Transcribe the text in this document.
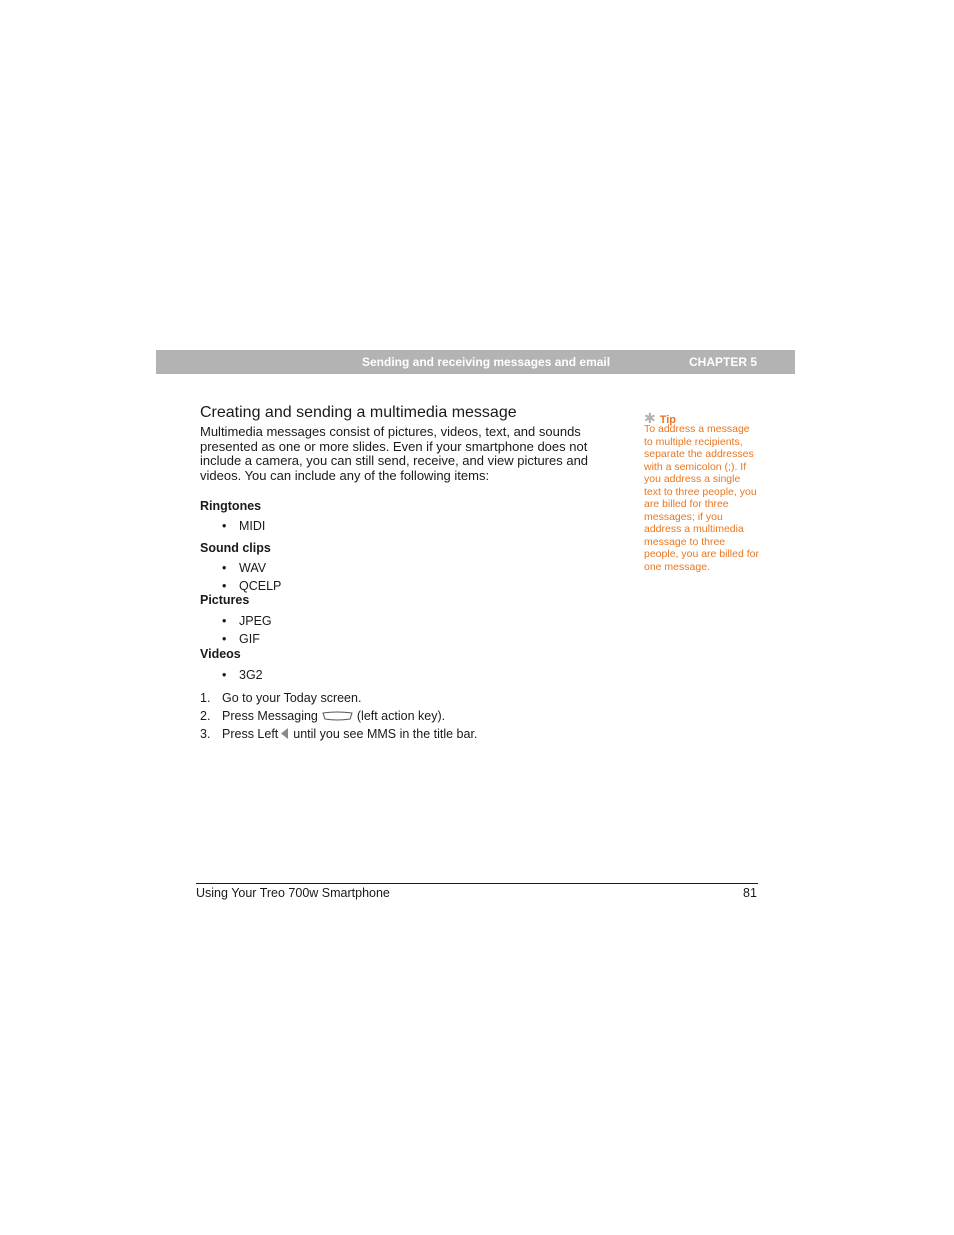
Sending and receiving messages and email	CHAPTER 5
Creating and sending a multimedia message

Multimedia messages consist of pictures, videos, text, and sounds presented as one or more slides. Even if your smartphone does not include a camera, you can still send, receive, and view pictures and videos. You can include any of the following items:

Ringtones
• MIDI
Sound clips
• WAV
• QCELP
Pictures
• JPEG
• GIF
Videos
• 3G2
1. Go to your Today screen.
2. Press Messaging	(left action key).
3. Press Left until you see MMS in the title bar.
✱ Tip

To address a message to multiple recipients, separate the addresses with a semicolon (;). If you address a single text to three people, you are billed for three messages; if you address a multimedia message to three people, you are billed for one message.

Using Your Treo 700w Smartphone	81
